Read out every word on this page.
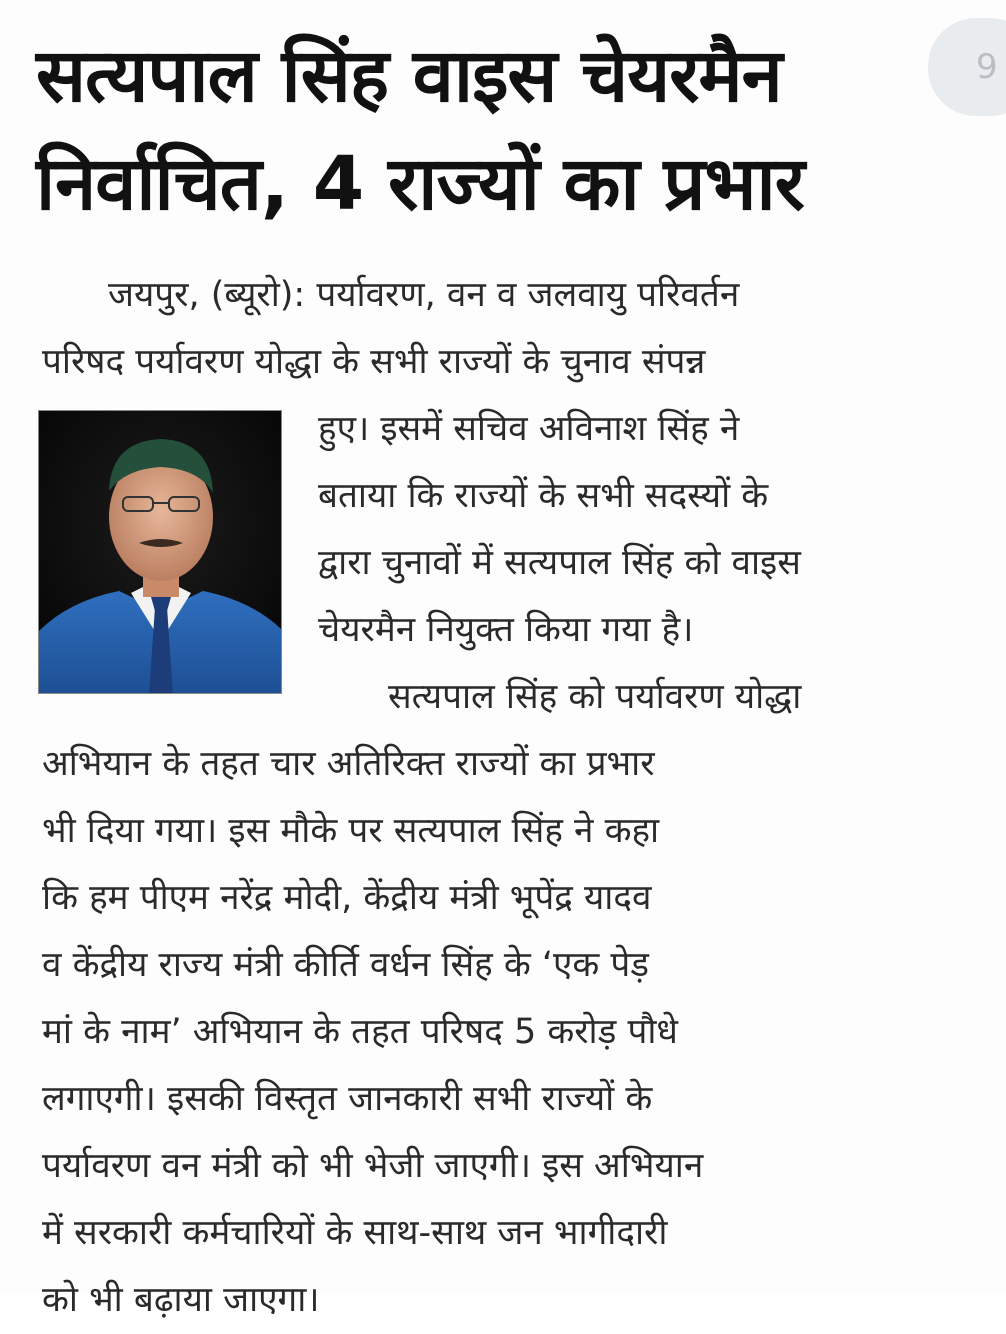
9
सत्यपाल सिंह वाइस चेयरमैन
निर्वाचित, 4 राज्यों का प्रभार
जयपुर, (ब्यूरो): पर्यावरण, वन व जलवायु परिवर्तन
परिषद पर्यावरण योद्धा के सभी राज्यों के चुनाव संपन्न
हुए। इसमें सचिव अविनाश सिंह ने
बताया कि राज्यों के सभी सदस्यों के
द्वारा चुनावों में सत्यपाल सिंह को वाइस
चेयरमैन नियुक्त किया गया है।
सत्यपाल सिंह को पर्यावरण योद्धा
अभियान के तहत चार अतिरिक्त राज्यों का प्रभार
भी दिया गया। इस मौके पर सत्यपाल सिंह ने कहा
कि हम पीएम नरेंद्र मोदी, केंद्रीय मंत्री भूपेंद्र यादव
व केंद्रीय राज्य मंत्री कीर्ति वर्धन सिंह के ‘एक पेड़
मां के नाम’ अभियान के तहत परिषद 5 करोड़ पौधे
लगाएगी। इसकी विस्तृत जानकारी सभी राज्यों के
पर्यावरण वन मंत्री को भी भेजी जाएगी। इस अभियान
में सरकारी कर्मचारियों के साथ-साथ जन भागीदारी
को भी बढ़ाया जाएगा।
